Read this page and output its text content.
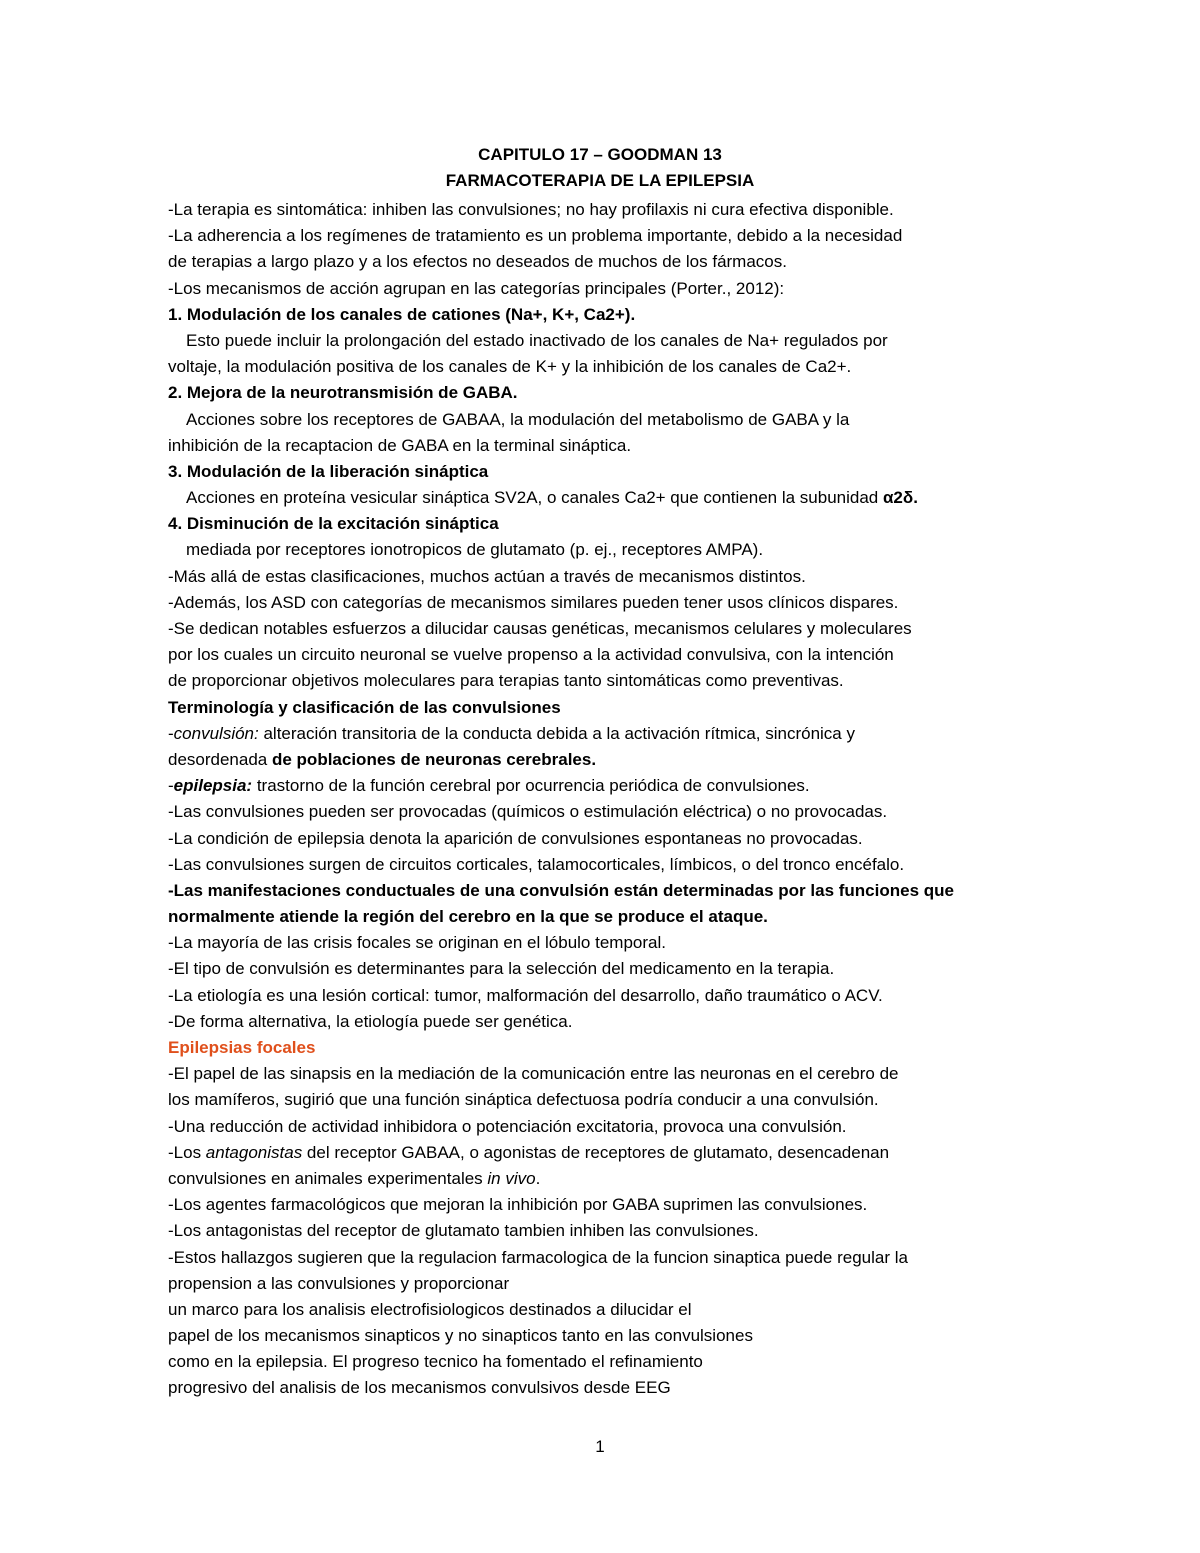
CAPITULO 17 – GOODMAN 13
FARMACOTERAPIA DE LA EPILEPSIA
-La terapia es sintomática: inhiben las convulsiones; no hay profilaxis ni cura efectiva disponible.
-La adherencia a los regímenes de tratamiento es un problema importante, debido a la necesidad
de terapias a largo plazo y a los efectos no deseados de muchos de los fármacos.
-Los mecanismos de acción agrupan en las categorías principales (Porter., 2012):
1. Modulación de los canales de cationes (Na+, K+, Ca2+).
Esto puede incluir la prolongación del estado inactivado de los canales de Na+ regulados por
voltaje, la modulación positiva de los canales de K+ y la inhibición de los canales de Ca2+.
2. Mejora de la neurotransmisión de GABA.
Acciones sobre los receptores de GABAA, la modulación del metabolismo de GABA y la
inhibición de la recaptacion de GABA en la terminal sináptica.
3. Modulación de la liberación sináptica
Acciones en proteína vesicular sináptica SV2A, o canales Ca2+ que contienen la subunidad α2δ.
4. Disminución de la excitación sináptica
mediada por receptores ionotropicos de glutamato (p. ej., receptores AMPA).
-Más allá de estas clasificaciones, muchos actúan a través de mecanismos distintos.
-Además, los ASD con categorías de mecanismos similares pueden tener usos clínicos dispares.
-Se dedican notables esfuerzos a dilucidar causas genéticas, mecanismos celulares y moleculares
por los cuales un circuito neuronal se vuelve propenso a la actividad convulsiva, con la intención
de proporcionar objetivos moleculares para terapias tanto sintomáticas como preventivas.
Terminología y clasificación de las convulsiones
-convulsión: alteración transitoria de la conducta debida a la activación rítmica, sincrónica y
desordenada de poblaciones de neuronas cerebrales.
-epilepsia: trastorno de la función cerebral por ocurrencia periódica de convulsiones.
-Las convulsiones pueden ser provocadas (químicos o estimulación eléctrica) o no provocadas.
-La condición de epilepsia denota la aparición de convulsiones espontaneas no provocadas.
-Las convulsiones surgen de circuitos corticales, talamocorticales, límbicos, o del tronco encéfalo.
-Las manifestaciones conductuales de una convulsión están determinadas por las funciones que
normalmente atiende la región del cerebro en la que se produce el ataque.
-La mayoría de las crisis focales se originan en el lóbulo temporal.
-El tipo de convulsión es determinantes para la selección del medicamento en la terapia.
-La etiología es una lesión cortical: tumor, malformación del desarrollo, daño traumático o ACV.
-De forma alternativa, la etiología puede ser genética.
Epilepsias focales
-El papel de las sinapsis en la mediación de la comunicación entre las neuronas en el cerebro de
los mamíferos, sugirió que una función sináptica defectuosa podría conducir a una convulsión.
-Una reducción de actividad inhibidora o potenciación excitatoria, provoca una convulsión.
-Los antagonistas del receptor GABAA, o agonistas de receptores de glutamato, desencadenan
convulsiones en animales experimentales in vivo.
-Los agentes farmacológicos que mejoran la inhibición por GABA suprimen las convulsiones.
-Los antagonistas del receptor de glutamato tambien inhiben las convulsiones.
-Estos hallazgos sugieren que la regulacion farmacologica de la funcion sinaptica puede regular la
propension a las convulsiones y proporcionar
un marco para los analisis electrofisiologicos destinados a dilucidar el
papel de los mecanismos sinapticos y no sinapticos tanto en las convulsiones
como en la epilepsia. El progreso tecnico ha fomentado el refinamiento
progresivo del analisis de los mecanismos convulsivos desde EEG
1
